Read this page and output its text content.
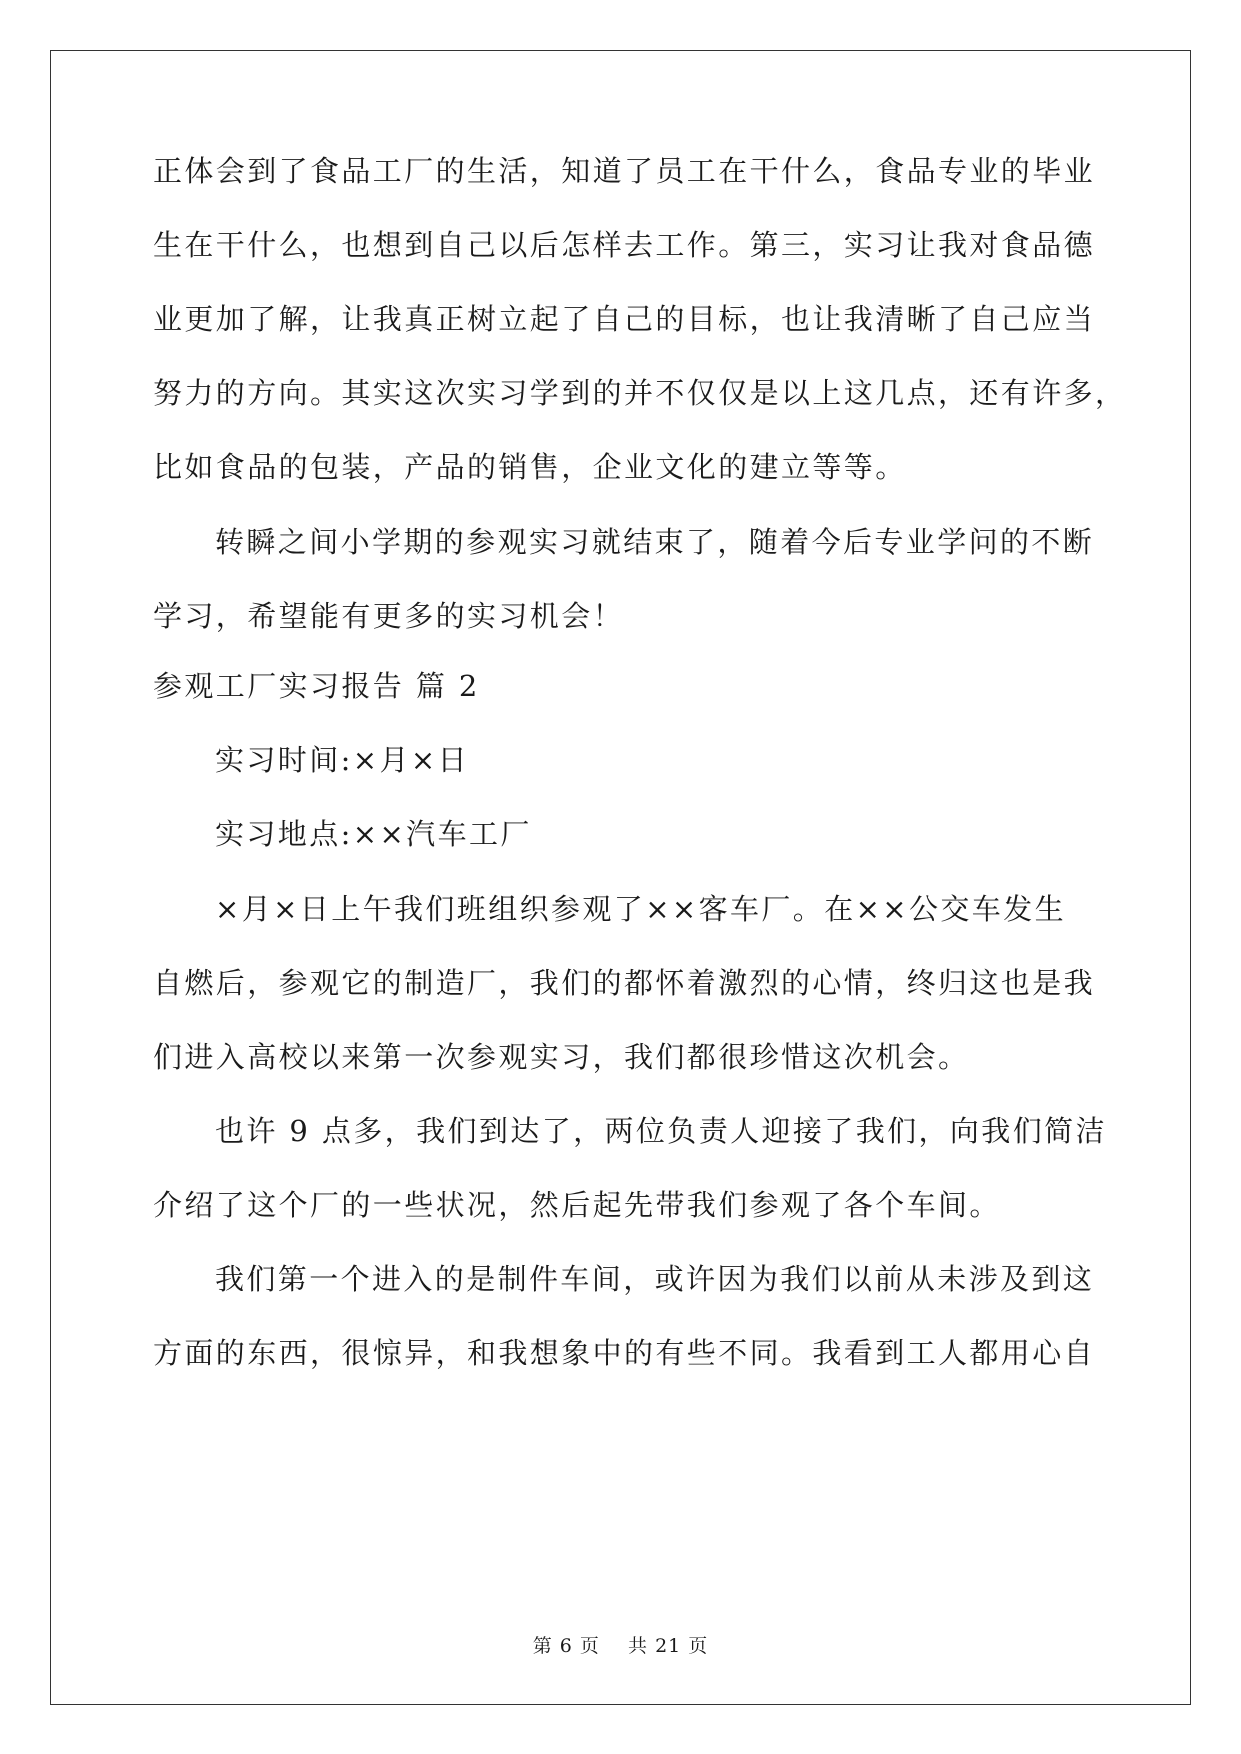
正体会到了食品工厂的生活，知道了员工在干什么，食品专业的毕业
生在干什么，也想到自己以后怎样去工作。第三，实习让我对食品德
业更加了解，让我真正树立起了自己的目标，也让我清晰了自己应当
努力的方向。其实这次实习学到的并不仅仅是以上这几点，还有许多，
比如食品的包装，产品的销售，企业文化的建立等等。
转瞬之间小学期的参观实习就结束了，随着今后专业学问的不断
学习，希望能有更多的实习机会！
参观工厂实习报告 篇 2
实习时间:×月×日
实习地点:××汽车工厂
×月×日上午我们班组织参观了××客车厂。在××公交车发生
自燃后，参观它的制造厂，我们的都怀着激烈的心情，终归这也是我
们进入高校以来第一次参观实习，我们都很珍惜这次机会。
也许 9 点多，我们到达了，两位负责人迎接了我们，向我们简洁
介绍了这个厂的一些状况，然后起先带我们参观了各个车间。
我们第一个进入的是制件车间，或许因为我们以前从未涉及到这
方面的东西，很惊异，和我想象中的有些不同。我看到工人都用心自
第 6 页    共 21 页
